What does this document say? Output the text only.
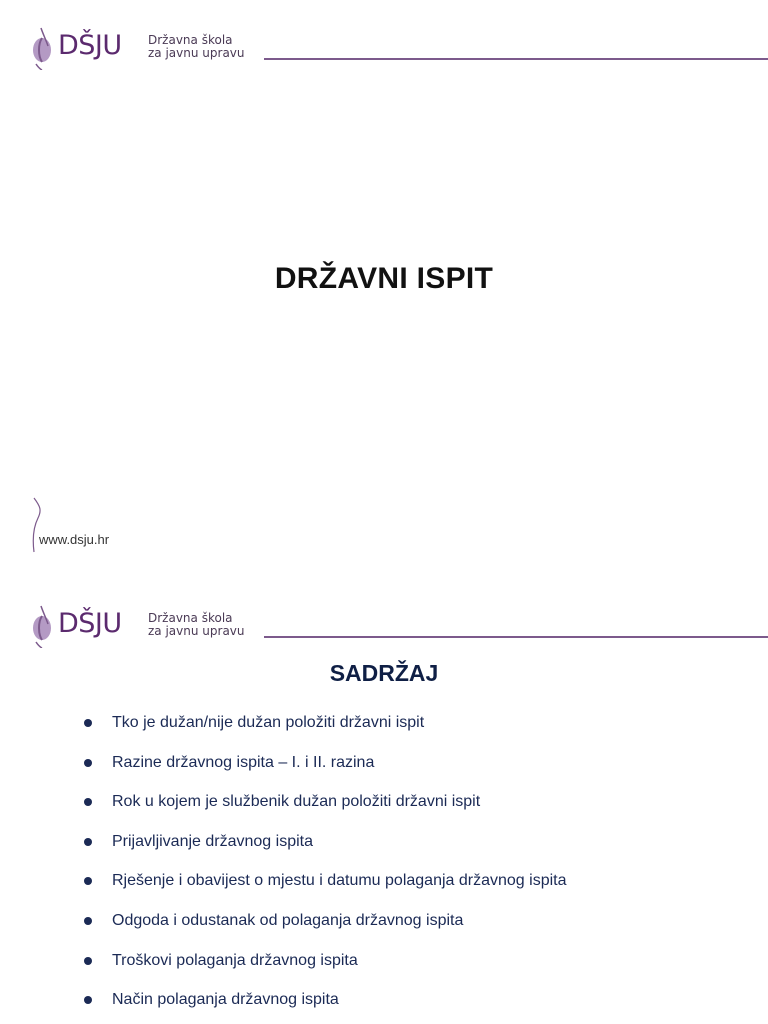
DŠJU Državna škola
za javnu upravu
DRŽAVNI ISPIT
www.dsju.hr
DŠJU Državna škola
za javnu upravu
SADRŽAJ
Tko je dužan/nije dužan položiti državni ispit
Razine državnog ispita – I. i II. razina
Rok u kojem je službenik dužan položiti državni ispit
Prijavljivanje državnog ispita
Rješenje i obavijest o mjestu i datumu polaganja državnog ispita
Odgoda i odustanak od polaganja državnog ispita
Troškovi polaganja državnog ispita
Način polaganja državnog ispita
